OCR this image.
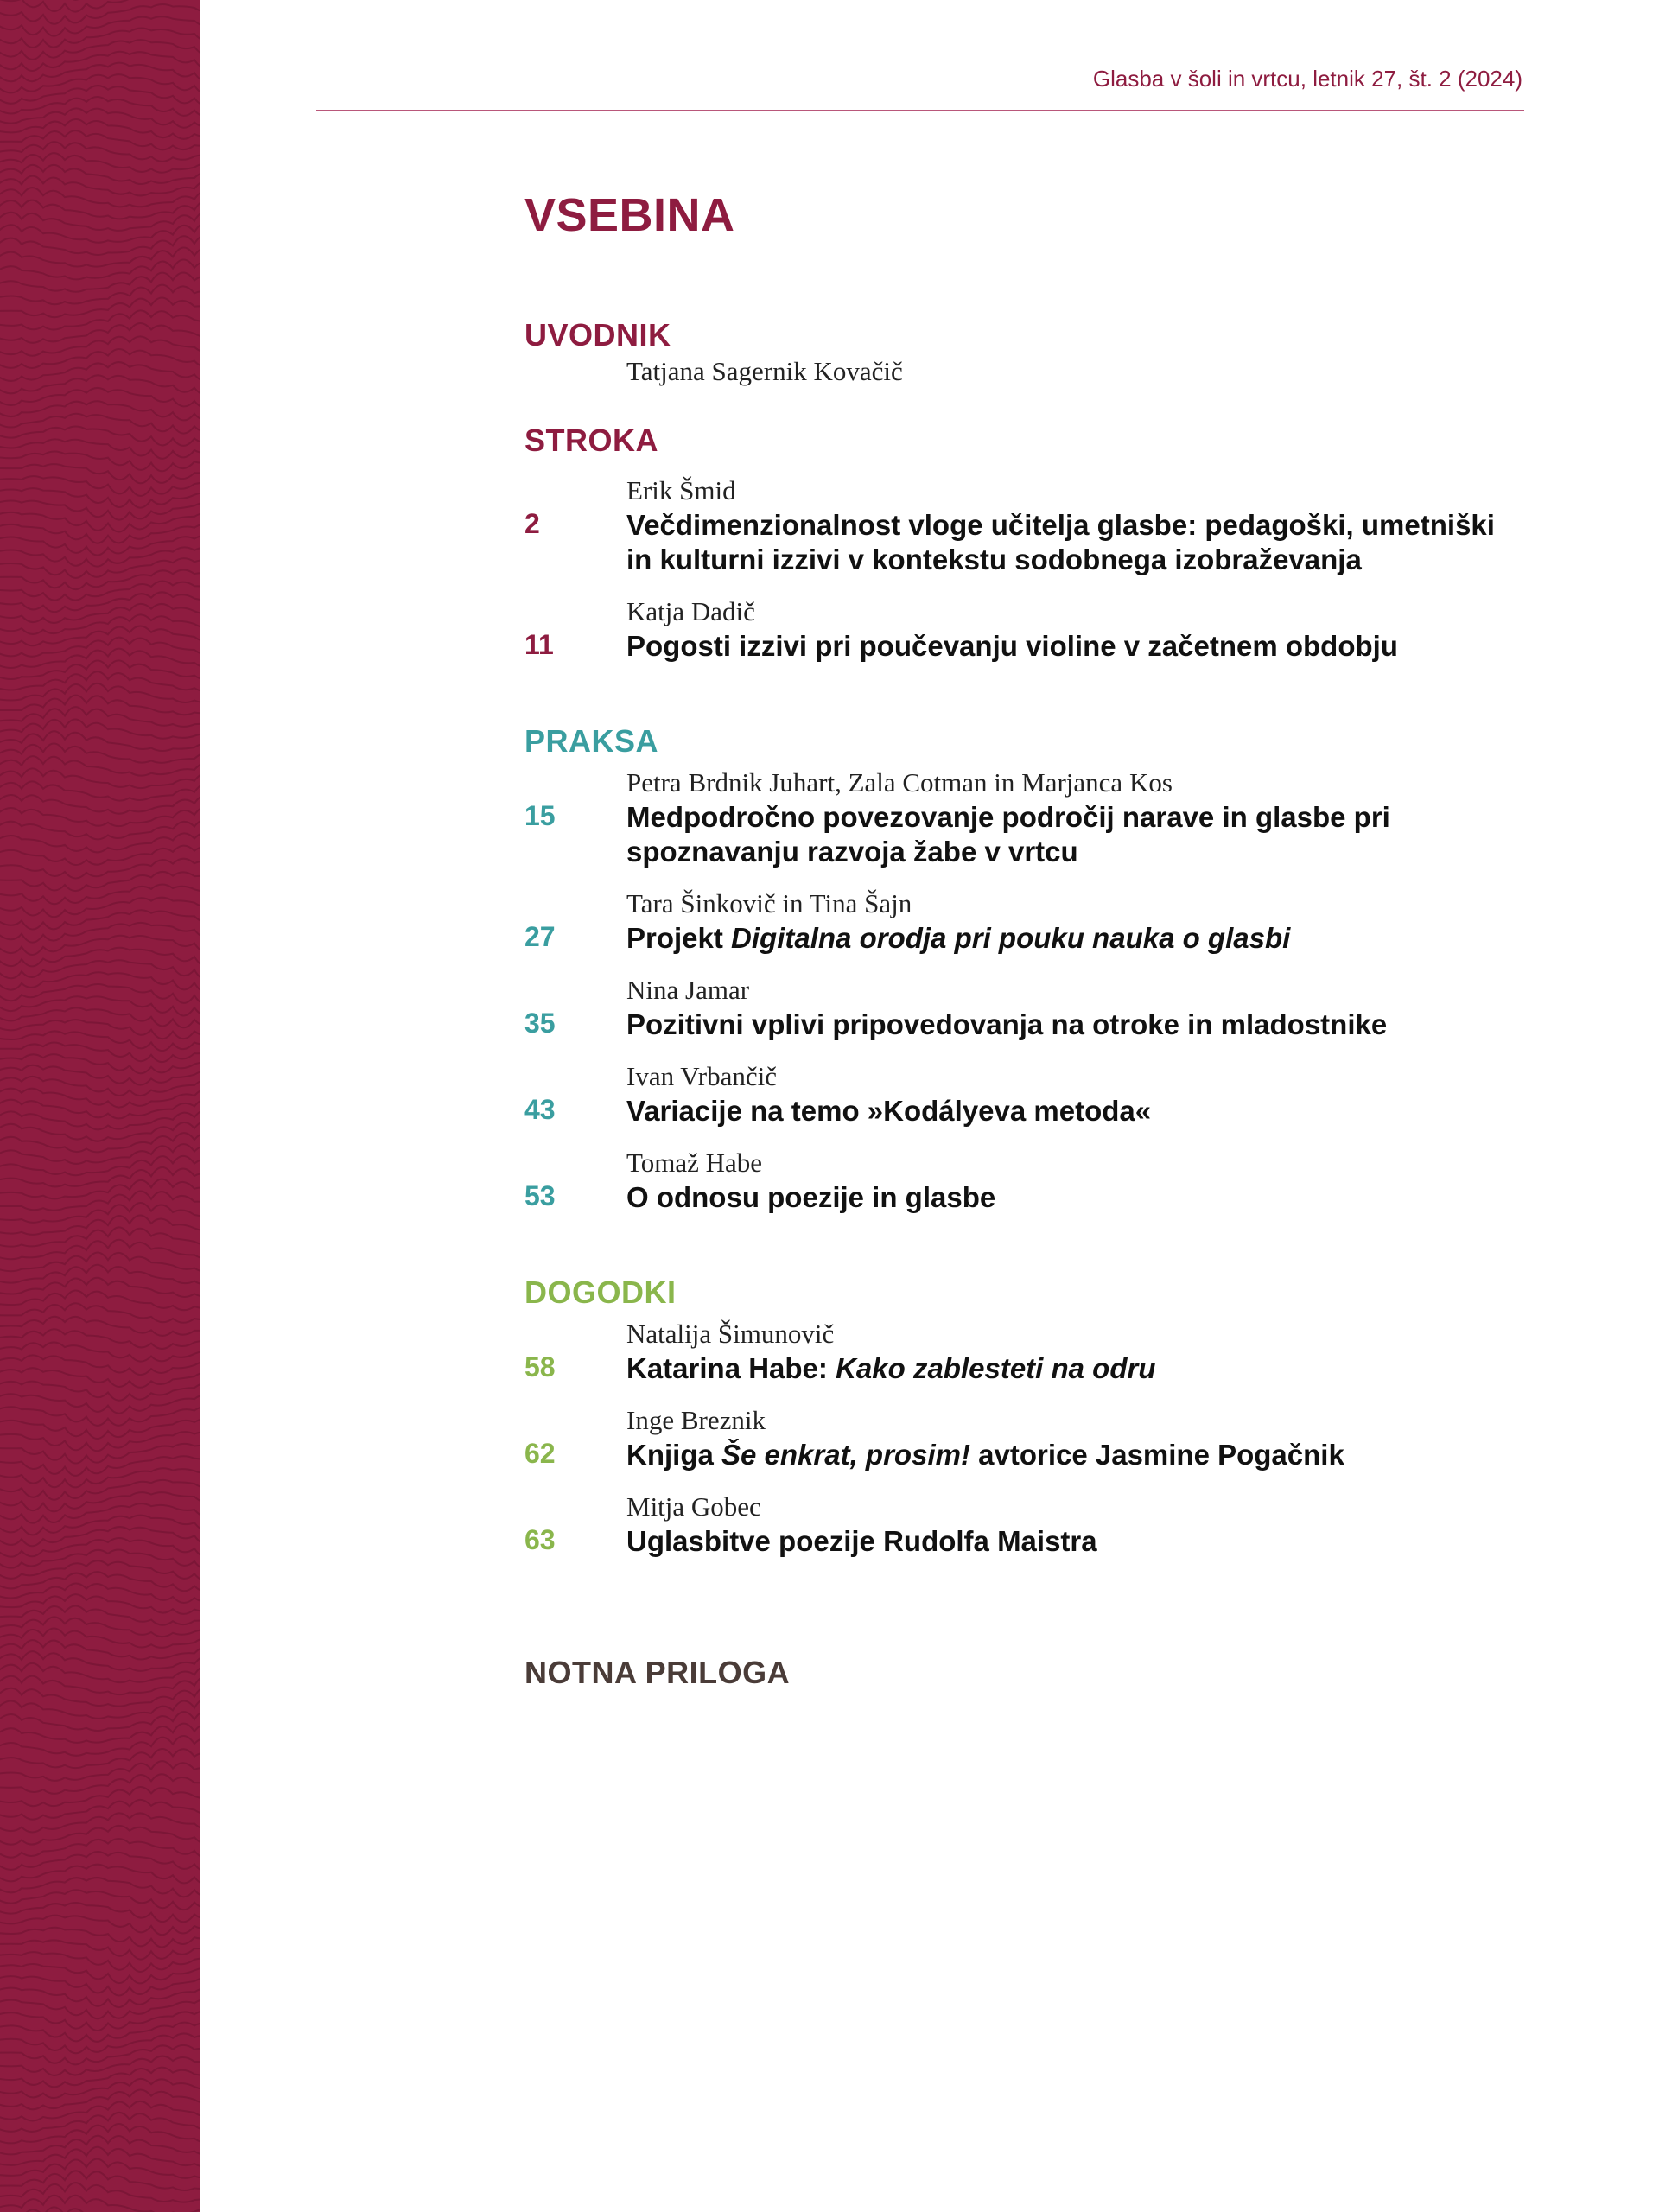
Glasba v šoli in vrtcu, letnik 27, št. 2 (2024)
VSEBINA
UVODNIK
Tatjana Sagernik Kovačič
STROKA
Erik Šmid
2	Večdimenzionalnost vloge učitelja glasbe: pedagoški, umetniški
in kulturni izzivi v kontekstu sodobnega izobraževanja
Katja Dadič
11	Pogosti izzivi pri poučevanju violine v začetnem obdobju
PRAKSA
Petra Brdnik Juhart, Zala Cotman in Marjanca Kos
15 Medpodročno povezovanje področij narave in glasbe pri
spoznavanju razvoja žabe v vrtcu
Tara Šinkovič in Tina Šajn
27 Projekt Digitalna orodja pri pouku nauka o glasbi
Nina Jamar
35 Pozitivni vplivi pripovedovanja na otroke in mladostnike
Ivan Vrbančič
43 Variacije na temo »Kodályeva metoda«
Tomaž Habe
53 O odnosu poezije in glasbe
DOGODKI
Natalija Šimunovič
58 Katarina Habe: Kako zablesteti na odru
Inge Breznik
62 Knjiga Še enkrat, prosim! avtorice Jasmine Pogačnik
Mitja Gobec
63 Uglasbitve poezije Rudolfa Maistra
NOTNA PRILOGA
